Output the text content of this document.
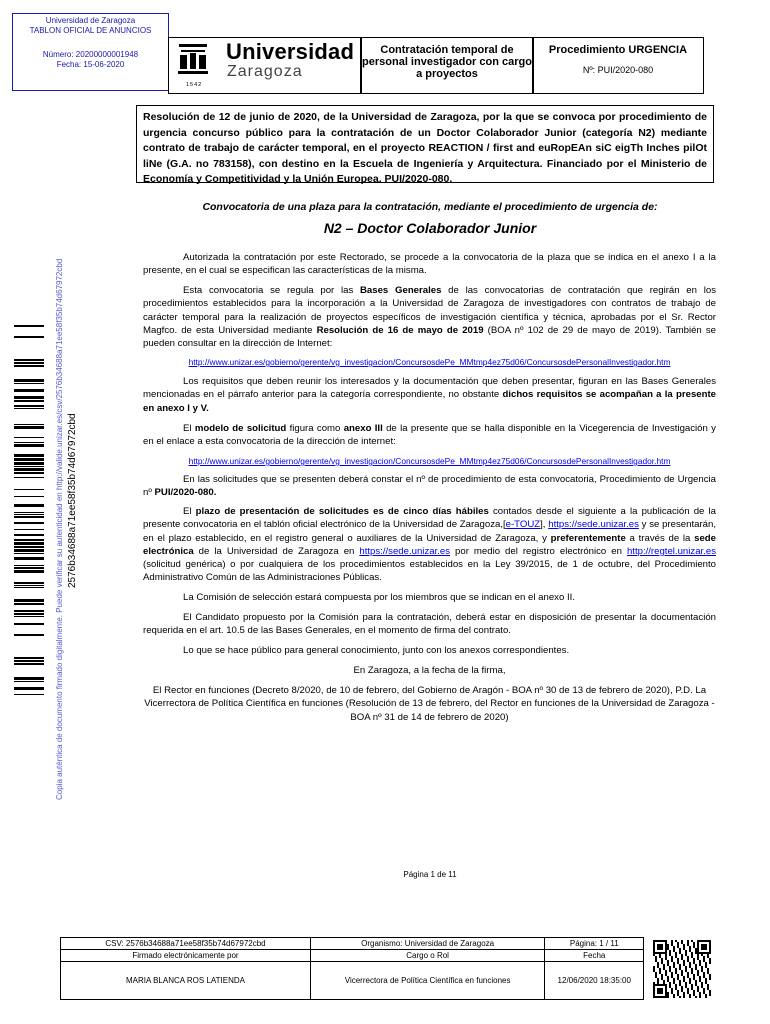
Universidad de Zaragoza
TABLON OFICIAL DE ANUNCIOS
Número: 20200000001948
Fecha: 15-06-2020
Universidad
Zaragoza
1542
Contratación temporal de personal investigador con cargo a proyectos
Procedimiento URGENCIA
Nº: PUI/2020-080
Resolución de 12 de junio de 2020, de la Universidad de Zaragoza, por la que se convoca por procedimiento de urgencia concurso público para la contratación de un Doctor Colaborador Junior (categoría N2) mediante contrato de trabajo de carácter temporal, en el proyecto REACTION / first and euRopEAn siC eigTh Inches pilOt liNe (G.A. no 783158), con destino en la Escuela de Ingeniería y Arquitectura. Financiado por el Ministerio de Economía y Competitividad y la Unión Europea. PUI/2020-080.
Convocatoria de una plaza para la contratación, mediante el procedimiento de urgencia de:
N2 – Doctor Colaborador Junior
Autorizada la contratación por este Rectorado, se procede a la convocatoria de la plaza que se indica en el anexo I a la presente, en el cual se especifican las características de la misma.
Esta convocatoria se regula por las Bases Generales de las convocatorias de contratación que regirán en los procedimientos establecidos para la incorporación a la Universidad de Zaragoza de investigadores con contratos de trabajo de carácter temporal para la realización de proyectos específicos de investigación científica y técnica, aprobadas por el Sr. Rector Magfco. de esta Universidad mediante Resolución de 16 de mayo de 2019 (BOA nº 102 de 29 de mayo de 2019). También se pueden consultar en la dirección de Internet:
http://www.unizar.es/gobierno/gerente/vg_investigacion/ConcursosdePe_MMtmp4ez75d06/ConcursosdePersonalInvestigador.htm
Los requisitos que deben reunir los interesados y la documentación que deben presentar, figuran en las Bases Generales mencionadas en el párrafo anterior para la categoría correspondiente, no obstante dichos requisitos se acompañan a la presente en anexo I y V.
El modelo de solicitud figura como anexo III de la presente que se halla disponible en la Vicegerencia de Investigación y en el enlace a esta convocatoria de la dirección de internet:
http://www.unizar.es/gobierno/gerente/vg_investigacion/ConcursosdePe_MMtmp4ez75d06/ConcursosdePersonalInvestigador.htm
En las solicitudes que se presenten deberá constar el nº de procedimiento de esta convocatoria, Procedimiento de Urgencia nº PUI/2020-080.
El plazo de presentación de solicitudes es de cinco días hábiles contados desde el siguiente a la publicación de la presente convocatoria en el tablón oficial electrónico de la Universidad de Zaragoza,[e-TOUZ], https://sede.unizar.es y se presentarán, en el plazo establecido, en el registro general o auxiliares de la Universidad de Zaragoza, y preferentemente a través de la sede electrónica de la Universidad de Zaragoza en https://sede.unizar.es por medio del registro electrónico en http://regtel.unizar.es (solicitud genérica) o por cualquiera de los procedimientos establecidos en la Ley 39/2015, de 1 de octubre, del Procedimiento Administrativo Común de las Administraciones Públicas.
La Comisión de selección estará compuesta por los miembros que se indican en el anexo II.
El Candidato propuesto por la Comisión para la contratación, deberá estar en disposición de presentar la documentación requerida en el art. 10.5 de las Bases Generales, en el momento de firma del contrato.
Lo que se hace público para general conocimiento, junto con los anexos correspondientes.
En Zaragoza, a la fecha de la firma,
El Rector en funciones (Decreto 8/2020, de 10 de febrero, del Gobierno de Aragón - BOA nº 30 de 13 de febrero de 2020), P.D. La Vicerrectora de Política Científica en funciones (Resolución de 13 de febrero, del Rector en funciones de la Universidad de Zaragoza - BOA nº 31 de 14 de febrero de 2020)
Página 1 de 11
Copia auténtica de documento firmado digitalmente. Puede verificar su autenticidad en http://valide.unizar.es/csv/2576b34688a71ee58f35b74d67972cbd 2576b34688a71ee58f35b74d67972cbd
CSV: 2576b34688a71ee58f35b74d67972cbd	Organismo: Universidad de Zaragoza	Página: 1 / 11	
Firmado electrónicamente por	Cargo o Rol	Fecha	
MARIA BLANCA ROS LATIENDA	Vicerrectora de Política Científica en funciones	12/06/2020 18:35:00	
